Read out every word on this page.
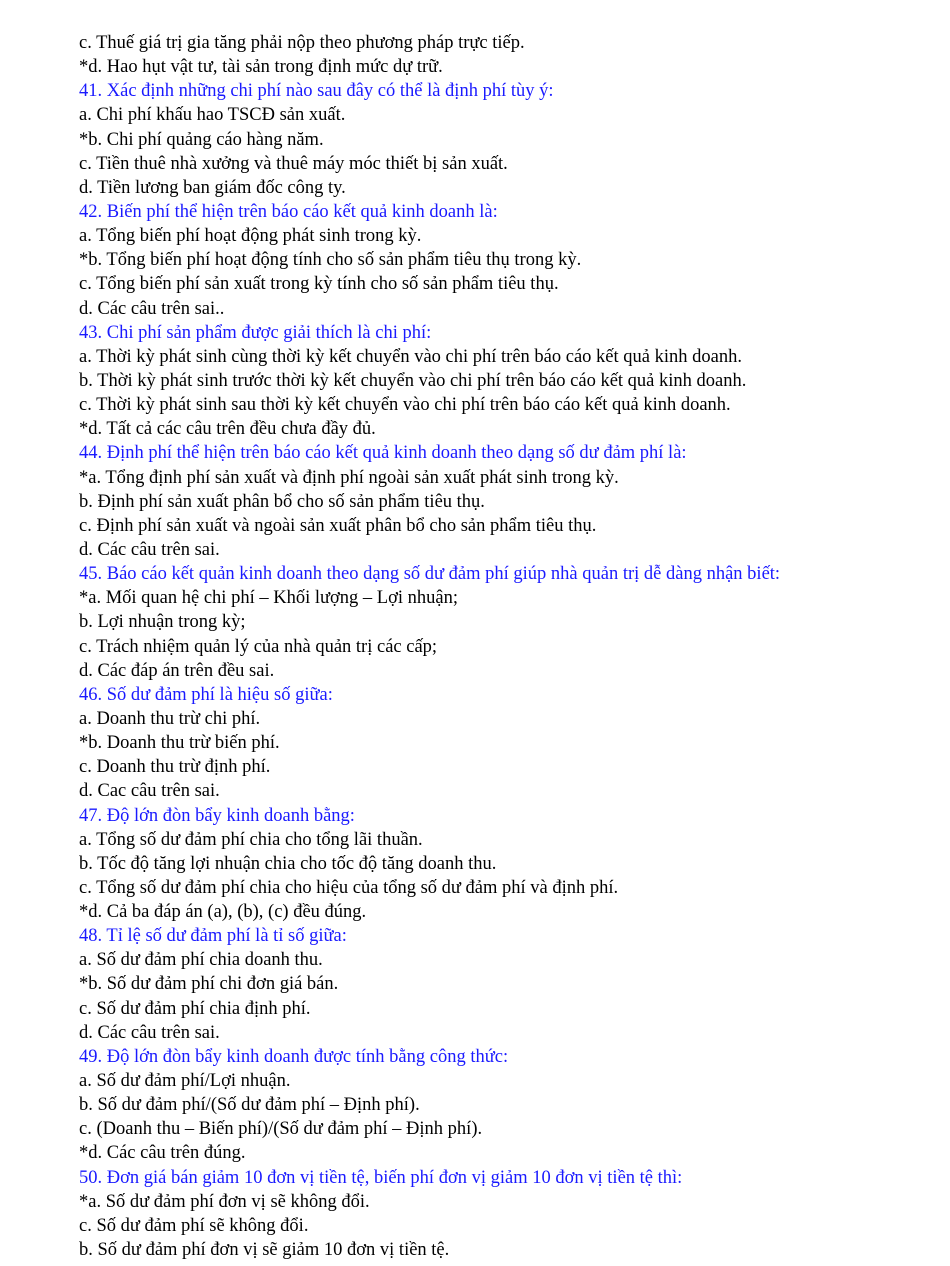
c. Thuế giá trị gia tăng phải nộp theo phương pháp trực tiếp.
*d. Hao hụt vật tư, tài sản trong định mức dự trữ.
41. Xác định những chi phí nào sau đây có thể là định phí tùy ý:
a. Chi phí khấu hao TSCĐ sản xuất.
*b. Chi phí quảng cáo hàng năm.
c. Tiền thuê nhà xưởng và thuê máy móc thiết bị sản xuất.
d. Tiền lương ban giám đốc công ty.
42. Biến phí thể hiện trên báo cáo kết quả kinh doanh là:
a. Tổng biến phí hoạt động phát sinh trong kỳ.
*b. Tổng biến phí hoạt động tính cho số sản phẩm tiêu thụ trong kỳ.
c. Tổng biến phí sản xuất trong kỳ tính cho số sản phẩm tiêu thụ.
d. Các câu trên sai..
43. Chi phí sản phẩm được giải thích là chi phí:
a. Thời kỳ phát sinh cùng thời kỳ kết chuyển vào chi phí trên báo cáo kết quả kinh doanh.
b. Thời kỳ phát sinh trước thời kỳ kết chuyển vào chi phí trên báo cáo kết quả kinh doanh.
c. Thời kỳ phát sinh sau thời kỳ kết chuyển vào chi phí trên báo cáo kết quả kinh doanh.
*d. Tất cả các câu trên đều chưa đầy đủ.
44. Định phí thể hiện trên báo cáo kết quả kinh doanh theo dạng số dư đảm phí là:
*a. Tổng định phí sản xuất và định phí ngoài sản xuất phát sinh trong kỳ.
b. Định phí sản xuất phân bổ cho số sản phẩm tiêu thụ.
c. Định phí sản xuất và ngoài sản xuất phân bổ cho sản phẩm tiêu thụ.
d. Các câu trên sai.
45. Báo cáo kết quản kinh doanh theo dạng số dư đảm phí giúp nhà quản trị dễ dàng nhận biết:
*a. Mối quan hệ chi phí – Khối lượng – Lợi nhuận;
b. Lợi nhuận trong kỳ;
c. Trách nhiệm quản lý của nhà quản trị các cấp;
d. Các đáp án trên đều sai.
46. Số dư đảm phí là hiệu số giữa:
a. Doanh thu trừ chi phí.
*b. Doanh thu trừ biến phí.
c. Doanh thu trừ định phí.
d. Cac câu trên sai.
47. Độ lớn đòn bẩy kinh doanh bằng:
a. Tổng số dư đảm phí chia cho tổng lãi thuần.
b. Tốc độ tăng lợi nhuận chia cho tốc độ tăng doanh thu.
c. Tổng số dư đảm phí chia cho hiệu của tổng số dư đảm phí và định phí.
*d. Cả ba đáp án (a), (b), (c) đều đúng.
48. Tỉ lệ số dư đảm phí là tỉ số giữa:
a. Số dư đảm phí chia doanh thu.
*b. Số dư đảm phí chi đơn giá bán.
c. Số dư đảm phí chia định phí.
d. Các câu trên sai.
49. Độ lớn đòn bẩy kinh doanh được tính bằng công thức:
a. Số dư đảm phí/Lợi nhuận.
b. Số dư đảm phí/(Số dư đảm phí – Định phí).
c. (Doanh thu – Biến phí)/(Số dư đảm phí – Định phí).
*d. Các câu trên đúng.
50. Đơn giá bán giảm 10 đơn vị tiền tệ, biến phí đơn vị giảm 10 đơn vị tiền tệ thì:
*a. Số dư đảm phí đơn vị sẽ không đổi.
c. Số dư đảm phí sẽ không đổi.
b. Số dư đảm phí đơn vị sẽ giảm 10 đơn vị tiền tệ.
